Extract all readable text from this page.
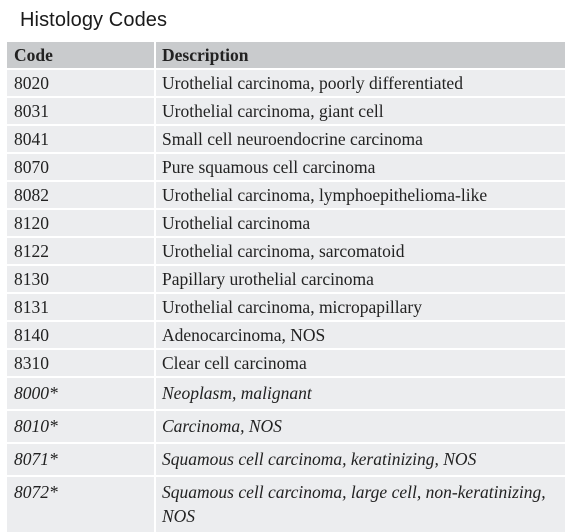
Histology Codes
Code	Description
8020	Urothelial carcinoma, poorly differentiated
8031	Urothelial carcinoma, giant cell
8041	Small cell neuroendocrine carcinoma
8070	Pure squamous cell carcinoma
8082	Urothelial carcinoma, lymphoepithelioma-like
8120	Urothelial carcinoma
8122	Urothelial carcinoma, sarcomatoid
8130	Papillary urothelial carcinoma
8131	Urothelial carcinoma, micropapillary
8140	Adenocarcinoma, NOS
8310	Clear cell carcinoma
8000*	Neoplasm, malignant
8010*	Carcinoma, NOS
8071*	Squamous cell carcinoma, keratinizing, NOS
8072*	Squamous cell carcinoma, large cell, non-keratinizing, NOS
